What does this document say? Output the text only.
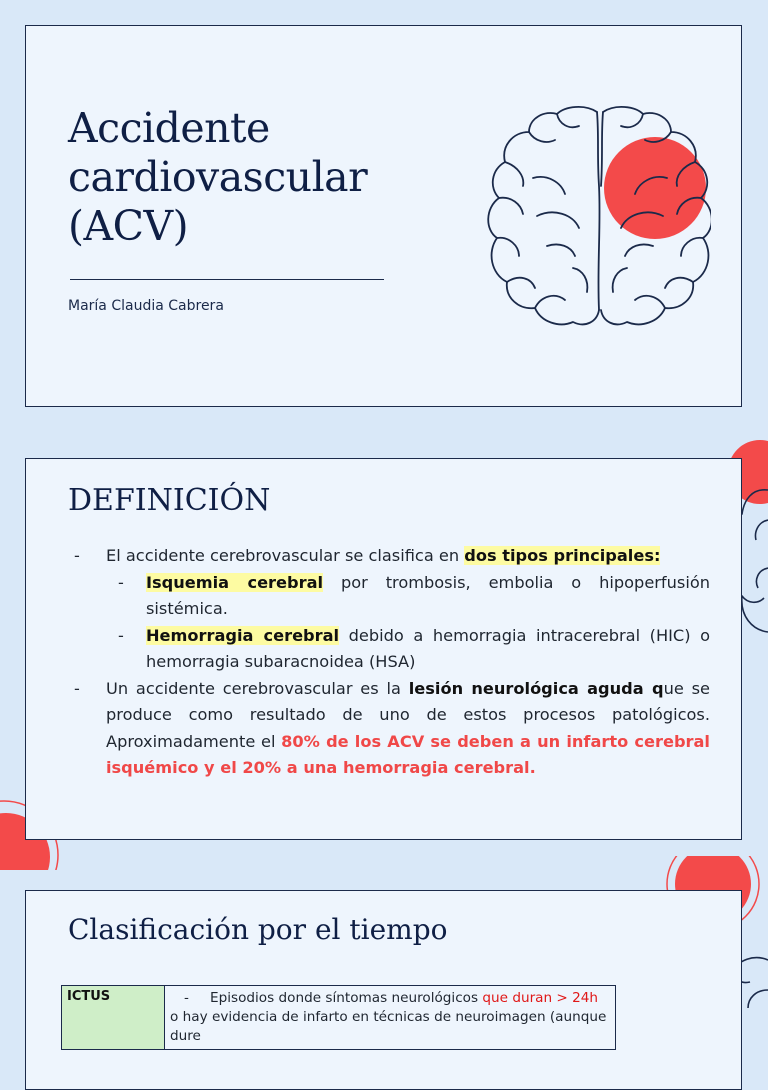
Accidente
cardiovascular
(ACV)
María Claudia Cabrera
DEFINICIÓN
- El accidente cerebrovascular se clasifica en dos tipos principales:
- Isquemia cerebral por trombosis, embolia o hipoperfusión sistémica.
- Hemorragia cerebral debido a hemorragia intracerebral (HIC) o hemorragia subaracnoidea (HSA)
- Un accidente cerebrovascular es la lesión neurológica aguda que se produce como resultado de uno de estos procesos patológicos. Aproximadamente el 80% de los ACV se deben a un infarto cerebral isquémico y el 20% a una hemorragia cerebral.
Clasificación por el tiempo
ICTUS	- Episodios donde síntomas neurológicos que duran > 24h o hay evidencia de infarto en técnicas de neuroimagen (aunque dure
